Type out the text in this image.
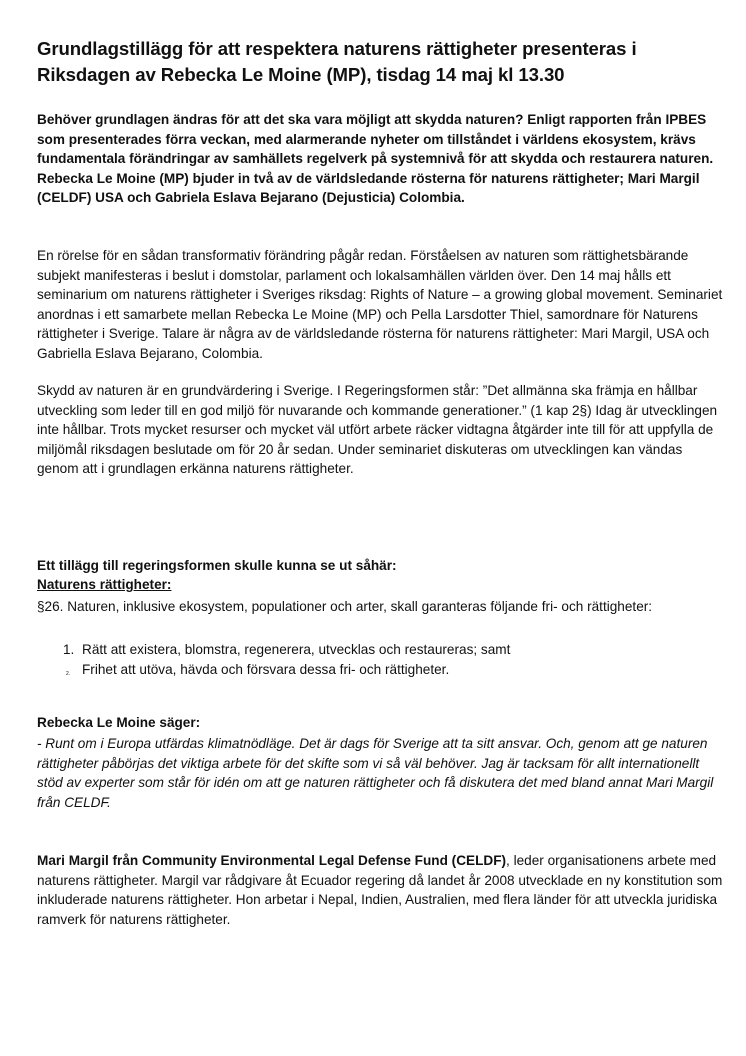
Grundlagstillägg för att respektera naturens rättigheter presenteras i Riksdagen av Rebecka Le Moine (MP), tisdag 14 maj kl 13.30

Behöver grundlagen ändras för att det ska vara möjligt att skydda naturen? Enligt rapporten från IPBES som presenterades förra veckan, med alarmerande nyheter om tillståndet i världens ekosystem, krävs fundamentala förändringar av samhällets regelverk på systemnivå för att skydda och restaurera naturen. Rebecka Le Moine (MP) bjuder in två av de världsledande rösterna för naturens rättigheter; Mari Margil (CELDF) USA och Gabriela Eslava Bejarano (Dejusticia) Colombia.

En rörelse för en sådan transformativ förändring pågår redan. Förståelsen av naturen som rättighetsbärande subjekt manifesteras i beslut i domstolar, parlament och lokalsamhällen världen över. Den 14 maj hålls ett seminarium om naturens rättigheter i Sveriges riksdag: Rights of Nature – a growing global movement. Seminariet anordnas i ett samarbete mellan Rebecka Le Moine (MP) och Pella Larsdotter Thiel, samordnare för Naturens rättigheter i Sverige. Talare är några av de världsledande rösterna för naturens rättigheter: Mari Margil, USA och Gabriella Eslava Bejarano, Colombia.

Skydd av naturen är en grundvärdering i Sverige. I Regeringsformen står: ”Det allmänna ska främja en hållbar utveckling som leder till en god miljö för nuvarande och kommande generationer.” (1 kap 2§) Idag är utvecklingen inte hållbar. Trots mycket resurser och mycket väl utfört arbete räcker vidtagna åtgärder inte till för att uppfylla de miljömål riksdagen beslutade om för 20 år sedan. Under seminariet diskuteras om utvecklingen kan vändas genom att i grundlagen erkänna naturens rättigheter.

Ett tillägg till regeringsformen skulle kunna se ut såhär:

Naturens rättigheter:

§26. Naturen, inklusive ekosystem, populationer och arter, skall garanteras följande fri- och rättigheter:

1. Rätt att existera, blomstra, regenerera, utvecklas och restaureras; samt
2. Frihet att utöva, hävda och försvara dessa fri- och rättigheter.

Rebecka Le Moine säger:

- Runt om i Europa utfärdas klimatnödläge. Det är dags för Sverige att ta sitt ansvar. Och, genom att ge naturen rättigheter påbörjas det viktiga arbete för det skifte som vi så väl behöver. Jag är tacksam för allt internationellt stöd av experter som står för idén om att ge naturen rättigheter och få diskutera det med bland annat Mari Margil från CELDF.

Mari Margil från Community Environmental Legal Defense Fund (CELDF), leder organisationens arbete med naturens rättigheter. Margil var rådgivare åt Ecuador regering då landet år 2008 utvecklade en ny konstitution som inkluderade naturens rättigheter. Hon arbetar i Nepal, Indien, Australien, med flera länder för att utveckla juridiska ramverk för naturens rättigheter.
